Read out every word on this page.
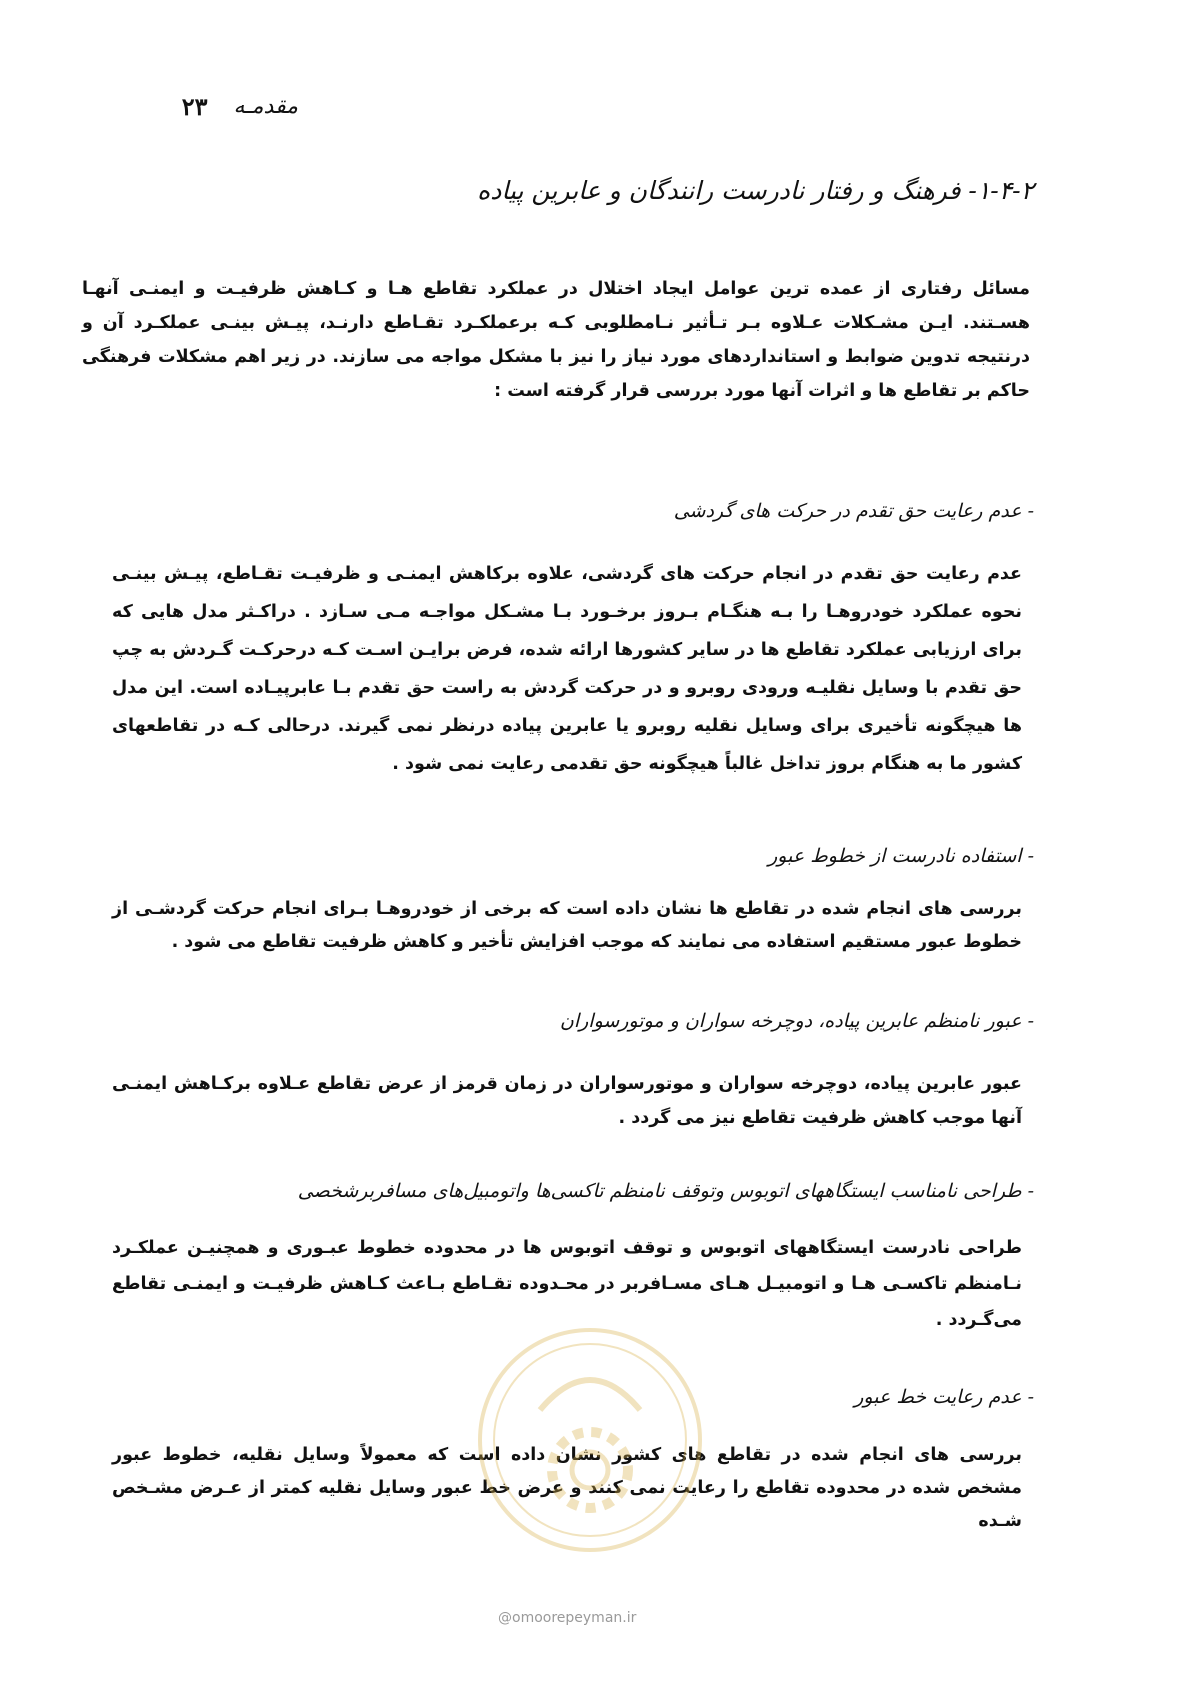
مقدمـه
۲۳
۱-۴-۲- فرهنگ و رفتار نادرست رانندگان و عابرین پیاده
مسائل رفتاری از عمده ترین عوامل ایجاد اختلال در عملکرد تقاطع هـا و کـاهش ظرفیـت و ایمنـی آنهـا هسـتند. ایـن مشـکلات عـلاوه بـر تـأثیر نـامطلوبی کـه برعملکـرد تقـاطع دارنـد، پیـش بینـی عملکـرد آن و درنتیجه تدوین ضوابط و استانداردهای مورد نیاز را نیز با مشکل مواجه می سازند. در زیر اهم مشکلات فرهنگی حاکم بر تقاطع ها و اثرات آنها مورد بررسی قرار گرفته است :
- عدم رعایت حق تقدم در حرکت های گردشی
عدم رعایت حق تقدم در انجام حرکت های گردشی، علاوه برکاهش ایمنـی و ظرفیـت تقـاطع، پیـش بینـی نحوه عملکرد خودروهـا را بـه هنگـام بـروز برخـورد بـا مشـکل مواجـه مـی سـازد . دراکـثر مدل هایی که برای ارزیابی عملکرد تقاطع ها در سایر کشورها ارائه شده، فرض برایـن اسـت کـه درحرکـت گـردش به چپ حق تقدم با وسایل نقلیـه ورودی روبرو و در حرکت گردش به راست حق تقدم بـا عابرپیـاده است. این مدل ها هیچگونه تأخیری برای وسایل نقلیه روبرو یا عابرین پیاده درنظر نمی گیرند. درحالی کـه در تقاطعهای کشور ما به هنگام بروز تداخل غالباً هیچگونه حق تقدمی رعایت نمی شود .
- استفاده نادرست از خطوط عبور
بررسی های انجام شده در تقاطع ها نشان داده است که برخی از خودروهـا بـرای انجام حرکت گردشـی از خطوط عبور مستقیم استفاده می نمایند که موجب افزایش تأخیر و کاهش ظرفیت تقاطع می شود .
- عبور نامنظم عابرین پیاده، دوچرخه سواران و موتورسواران
عبور عابرین پیاده، دوچرخه سواران و موتورسواران در زمان قرمز از عرض تقاطع عـلاوه برکـاهش ایمنـی آنها موجب کاهش ظرفیت تقاطع نیز می گردد .
- طراحی نامناسب ایستگاههای اتوبوس وتوقف نامنظم تاکسی‌ها واتومبیل‌های مسافربرشخصی
طراحی نادرست ایستگاههای اتوبوس و توقف اتوبوس ها در محدوده خطوط عبـوری و همچنیـن عملکـرد نـامنظم تاکسـی هـا و اتومبیـل هـای مسـافربر در محـدوده تقـاطع بـاعث کـاهش ظرفیـت و ایمنـی تقاطع می‌گـردد .
- عدم رعایت خط عبور
بررسی های انجام شده در تقاطع های کشور نشان داده است که معمولاً وسایل نقلیه، خطوط عبور مشخص شده در محدوده تقاطع را رعایت نمی کنند و عرض خط عبور وسایل نقلیه کمتر از عـرض مشـخص شـده
@omoorepeyman.ir
